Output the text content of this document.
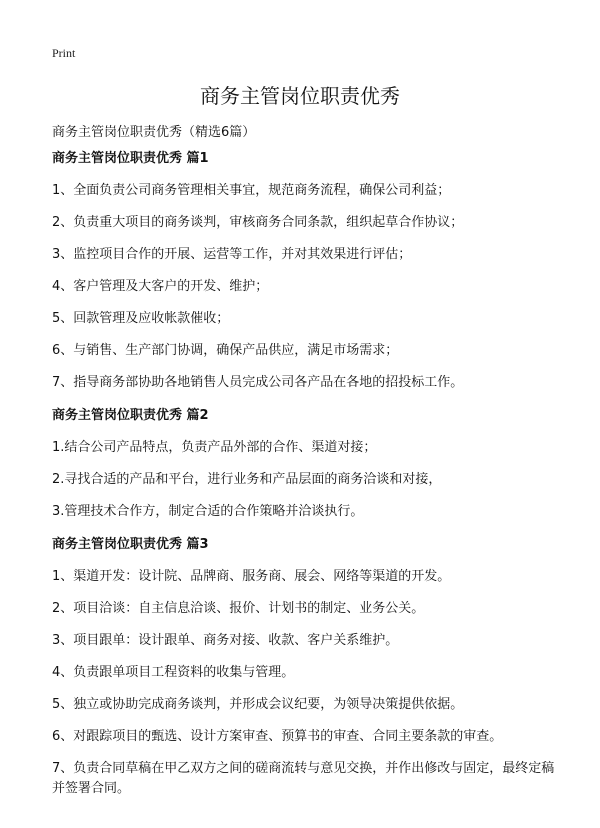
Print
商务主管岗位职责优秀

商务主管岗位职责优秀（精选6篇）

商务主管岗位职责优秀 篇1

1、全面负责公司商务管理相关事宜，规范商务流程，确保公司利益；

2、负责重大项目的商务谈判，审核商务合同条款，组织起草合作协议；

3、监控项目合作的开展、运营等工作，并对其效果进行评估；

4、客户管理及大客户的开发、维护；

5、回款管理及应收帐款催收；

6、与销售、生产部门协调，确保产品供应，满足市场需求；

7、指导商务部协助各地销售人员完成公司各产品在各地的招投标工作。

商务主管岗位职责优秀 篇2

1.结合公司产品特点，负责产品外部的合作、渠道对接；

2.寻找合适的产品和平台，进行业务和产品层面的商务洽谈和对接，

3.管理技术合作方，制定合适的合作策略并洽谈执行。

商务主管岗位职责优秀 篇3

1、渠道开发：设计院、品牌商、服务商、展会、网络等渠道的开发。

2、项目洽谈：自主信息洽谈、报价、计划书的制定、业务公关。

3、项目跟单：设计跟单、商务对接、收款、客户关系维护。

4、负责跟单项目工程资料的收集与管理。

5、独立或协助完成商务谈判，并形成会议纪要，为领导决策提供依据。

6、对跟踪项目的甄选、设计方案审查、预算书的审查、合同主要条款的审查。

7、负责合同草稿在甲乙双方之间的磋商流转与意见交换，并作出修改与固定，最终定稿并签署合同。
